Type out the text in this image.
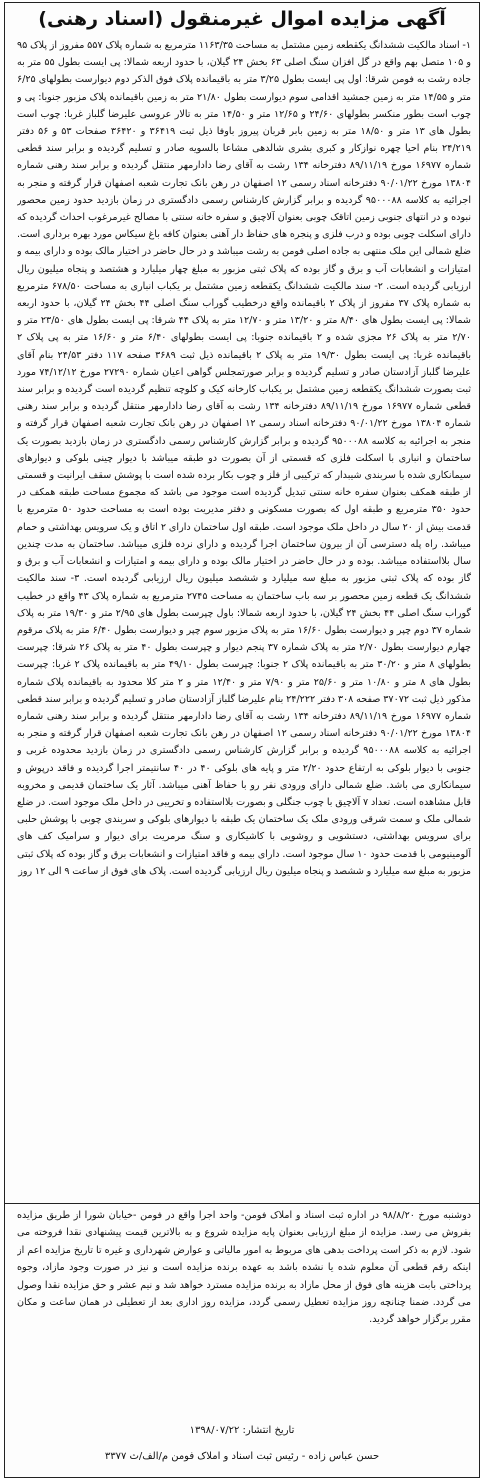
آگهی مزایده اموال غیرمنقول (اسناد رهنی)

۱- اسناد مالکیت ششدانگ یکقطعه زمین مشتمل به مساحت ۱۱۶۳/۳۵ مترمربع به شماره پلاک ۵۵۷ مفروز از پلاک ۹۵ و ۱۰۵ متصل بهم واقع در گل افزان سنگ اصلی ۶۳ بخش ۲۴ گیلان، با حدود اربعه شمالا: پی ایست بطول ۵۵ متر به جاده رشت به فومن شرقا: اول پی ایست بطول ۳/۲۵ متر به باقیمانده پلاک فوق الذکر دوم دیوارست بطولهای ۶/۲۵ متر و ۱۴/۵۵ متر به زمین جمشید اقدامی سوم دیوارست بطول ۲۱/۸۰ متر به زمین باقیمانده پلاک مزبور جنوبا: پی و چوب است بطور منکسر بطولهای ۲۴/۶۰ و ۱۲/۶۵ متر و ۱۴/۵۰ متر به تالار عروسی علیرضا گلباز غربا: چوب است بطول های ۱۳ متر و ۱۸/۵۰ متر به زمین بابر قربان پیروز باوفا ذیل ثبت ۳۶۴۱۹ و ۳۶۴۲۰ صفحات ۵۳ و ۵۶ دفتر ۲۴/۲۱۹ بنام احیا چهره نوازکار و کبری بشری شالدهی مشاعا بالسویه صادر و تسلیم گردیده و برابر سند قطعی شماره ۱۶۹۷۷ مورخ ۸۹/۱۱/۱۹ دفترخانه ۱۳۴ رشت به آقای رضا دادارمهر منتقل گردیده و برابر سند رهنی شماره ۱۳۸۰۴ مورخ ۹۰/۰۱/۲۲ دفترخانه اسناد رسمی ۱۲ اصفهان در رهن بانک تجارت شعبه اصفهان قرار گرفته و منجر به اجرائیه به کلاسه ۹۵۰۰۰۸۸ گردیده و برابر گزارش کارشناس رسمی دادگستری در زمان بازدید حدود زمین محصور نبوده و در انتهای جنوبی زمین اتاقک چوبی بعنوان آلاچیق و سفره خانه سنتی با مصالح غیرمرغوب احداث گردیده که دارای اسکلت چوبی بوده و درب فلزی و پنجره های حفاظ دار آهنی بعنوان کافه باغ سیکاس مورد بهره برداری است. ضلع شمالی این ملک منتهی به جاده اصلی فومن به رشت میباشد و در حال حاضر در اختیار مالک بوده و دارای بیمه و امتیازات و انشعابات آب و برق و گاز بوده که پلاک ثبتی مزبور به مبلغ چهار میلیارد و هشتصد و پنجاه میلیون ریال ارزیابی گردیده است. ۲- سند مالکیت ششدانگ یکقطعه زمین مشتمل بر یکباب انباری به مساحت ۶۷۸/۵۰ مترمربع به شماره پلاک ۳۷ مفروز از پلاک ۲ باقیمانده واقع درخطیب گوراب سنگ اصلی ۴۴ بخش ۲۴ گیلان، با حدود اربعه شمالا: پی ایست بطول های ۸/۴۰ متر و ۱۳/۲۰ متر و ۱۲/۷۰ متر به پلاک ۴۴ شرقا: پی ایست بطول های ۲۳/۵۰ متر و ۲/۷۰ متر به پلاک ۲۶ مجزی شده و ۲ باقیمانده جنوبا: پی ایست بطولهای ۶/۴۰ متر و ۱۶/۶۰ متر به پی پلاک ۲ باقیمانده غربا: پی ایست بطول ۱۹/۳۰ متر به پلاک ۲ باقیمانده ذیل ثبت ۳۶۸۹ صفحه ۱۱۷ دفتر ۲۴/۵۳ بنام آقای علیرضا گلباز آزادستان صادر و تسلیم گردیده و برابر صورتمجلس گواهی اعیان شماره ۲۷۲۹۰ مورخ ۷۴/۱۲/۱۲ مورد ثبت بصورت ششدانگ یکقطعه زمین مشتمل بر یکباب کارخانه کیک و کلوچه تنظیم گردیده است گردیده و برابر سند قطعی شماره ۱۶۹۷۷ مورخ ۸۹/۱۱/۱۹ دفترخانه ۱۳۴ رشت به آقای رضا دادارمهر منتقل گردیده و برابر سند رهنی شماره ۱۳۸۰۴ مورخ ۹۰/۰۱/۲۲ دفترخانه اسناد رسمی ۱۲ اصفهان در رهن بانک تجارت شعبه اصفهان قرار گرفته و منجر به اجرائیه به کلاسه ۹۵۰۰۰۸۸ گردیده و برابر گزارش کارشناس رسمی دادگستری در زمان بازدید بصورت یک ساختمان و انباری با اسکلت فلزی که قسمتی از آن بصورت دو طبقه میباشد با دیوار چینی بلوکی و دیوارهای سیمانکاری شده با سربندی شیبدار که ترکیبی از فلز و چوب بکار برده شده است با پوشش سقف ایرانیت و قسمتی از طبقه همکف بعنوان سفره خانه سنتی تبدیل گردیده است موجود می باشد که مجموع مساحت طبقه همکف در حدود ۳۵۰ مترمربع و طبقه اول که بصورت مسکونی و دفتر مدیریت بوده است به مساحت حدود ۵۰ مترمربع با قدمت بیش از ۲۰ سال در داخل ملک موجود است. طبقه اول ساختمان دارای ۲ اتاق و یک سرویس بهداشتی و حمام میباشد. راه پله دسترسی آن از بیرون ساختمان اجرا گردیده و دارای نرده فلزی میباشد. ساختمان به مدت چندین سال بلااستفاده میباشد. بوده و در حال حاضر در اختیار مالک بوده و دارای بیمه و امتیازات و انشعابات آب و برق و گاز بوده که پلاک ثبتی مزبور به مبلغ سه میلیارد و ششصد میلیون ریال ارزیابی گردیده است. ۳- سند مالکیت ششدانگ یک قطعه زمین محصور بر سه باب ساختمان به مساحت ۲۷۴۵ مترمربع به شماره پلاک ۴۳ واقع در خطیب گوراب سنگ اصلی ۴۴ بخش ۲۴ گیلان، با حدود اربعه شمالا: باول چپرست بطول های ۲/۹۵ متر و ۱۹/۳۰ متر به پلاک شماره ۳۷ دوم چپر و دیوارست بطول ۱۶/۶۰ متر به پلاک مزبور سوم چپر و دیوارست بطول ۶/۴۰ متر به پلاک مرقوم چهارم دیوارست بطول ۲/۷۰ متر به پلاک شماره ۳۷ پنجم دیوار و چپرست بطول ۴۰ متر به پلاک ۲۶ شرقا: چپرست بطولهای ۸ متر و ۳۰/۲۰ متر به باقیمانده پلاک ۲ جنوبا: چپرست بطول ۴۹/۱۰ متر به باقیمانده پلاک ۲ غربا: چپرست بطول های ۸ متر و ۱۰/۸۰ متر و ۲۵/۶۰ متر و ۷/۹۰ متر و ۱۲/۴۰ متر و ۲ متر کلا محدود به باقیمانده پلاک شماره مذکور ذیل ثبت ۳۷۰۷۲ صفحه ۳۰۸ دفتر ۲۴/۲۲۲ بنام علیرضا گلباز آزادستان صادر و تسلیم گردیده و برابر سند قطعی شماره ۱۶۹۷۷ مورخ ۸۹/۱۱/۱۹ دفترخانه ۱۳۴ رشت به آقای رضا دادارمهر منتقل گردیده و برابر سند رهنی شماره ۱۳۸۰۴ مورخ ۹۰/۰۱/۲۲ دفترخانه اسناد رسمی ۱۲ اصفهان در رهن بانک تجارت شعبه اصفهان قرار گرفته و منجر به اجرائیه به کلاسه ۹۵۰۰۰۸۸ گردیده و برابر گزارش کارشناس رسمی دادگستری در زمان بازدید محدوده غربی و جنوبی با دیوار بلوکی به ارتفاع حدود ۲/۲۰ متر و پایه های بلوکی ۴۰ در ۴۰ سانتیمتر اجرا گردیده و فاقد درپوش و سیمانکاری می باشد. ضلع شمالی دارای ورودی نفر رو با حفاظ آهنی میباشد. آثار یک ساختمان قدیمی و مخروبه قابل مشاهده است. تعداد ۷ آلاچیق با چوب جنگلی و بصورت بلااستفاده و تخریبی در داخل ملک موجود است. در ضلع شمالی ملک و سمت شرقی ورودی ملک یک ساختمان یک طبقه با دیوارهای بلوکی و سربندی چوبی با پوشش حلبی برای سرویس بهداشتی، دستشویی و روشویی با کاشیکاری و سنگ مرمریت برای دیوار و سرامیک کف های آلومینیومی با قدمت حدود ۱۰ سال موجود است. دارای بیمه و فاقد امتیازات و انشعابات برق و گاز بوده که پلاک ثبتی مزبور به مبلغ سه میلیارد و ششصد و پنجاه میلیون ریال ارزیابی گردیده است. پلاک های فوق از ساعت ۹ الی ۱۲ روز

دوشنبه مورخ ۹۸/۸/۲۰ در اداره ثبت اسناد و املاک فومن- واحد اجرا واقع در فومن -خیابان شورا از طریق مزایده بفروش می رسد. مزایده از مبلغ ارزیابی بعنوان پایه مزایده شروع و به بالاترین قیمت پیشنهادی نقدا فروخته می شود. لازم به ذکر است پرداخت بدهی های مربوط به امور مالیاتی و عوارض شهرداری و غیره تا تاریخ مزایده اعم از اینکه رقم قطعی آن معلوم شده یا نشده باشد به عهده برنده مزایده است و نیز در صورت وجود مازاد، وجوه پرداختی بابت هزینه های فوق از محل مازاد به برنده مزایده مسترد خواهد شد و نیم عشر و حق مزایده نقدا وصول می گردد. ضمنا چنانچه روز مزایده تعطیل رسمی گردد، مزایده روز اداری بعد از تعطیلی در همان ساعت و مکان مقرر برگزار خواهد گردید.

تاریخ انتشار: ۱۳۹۸/۰۷/۲۲
حسن عباس زاده - رئیس ثبت اسناد و املاک فومن م/الف/ث ۳۳۷۷
